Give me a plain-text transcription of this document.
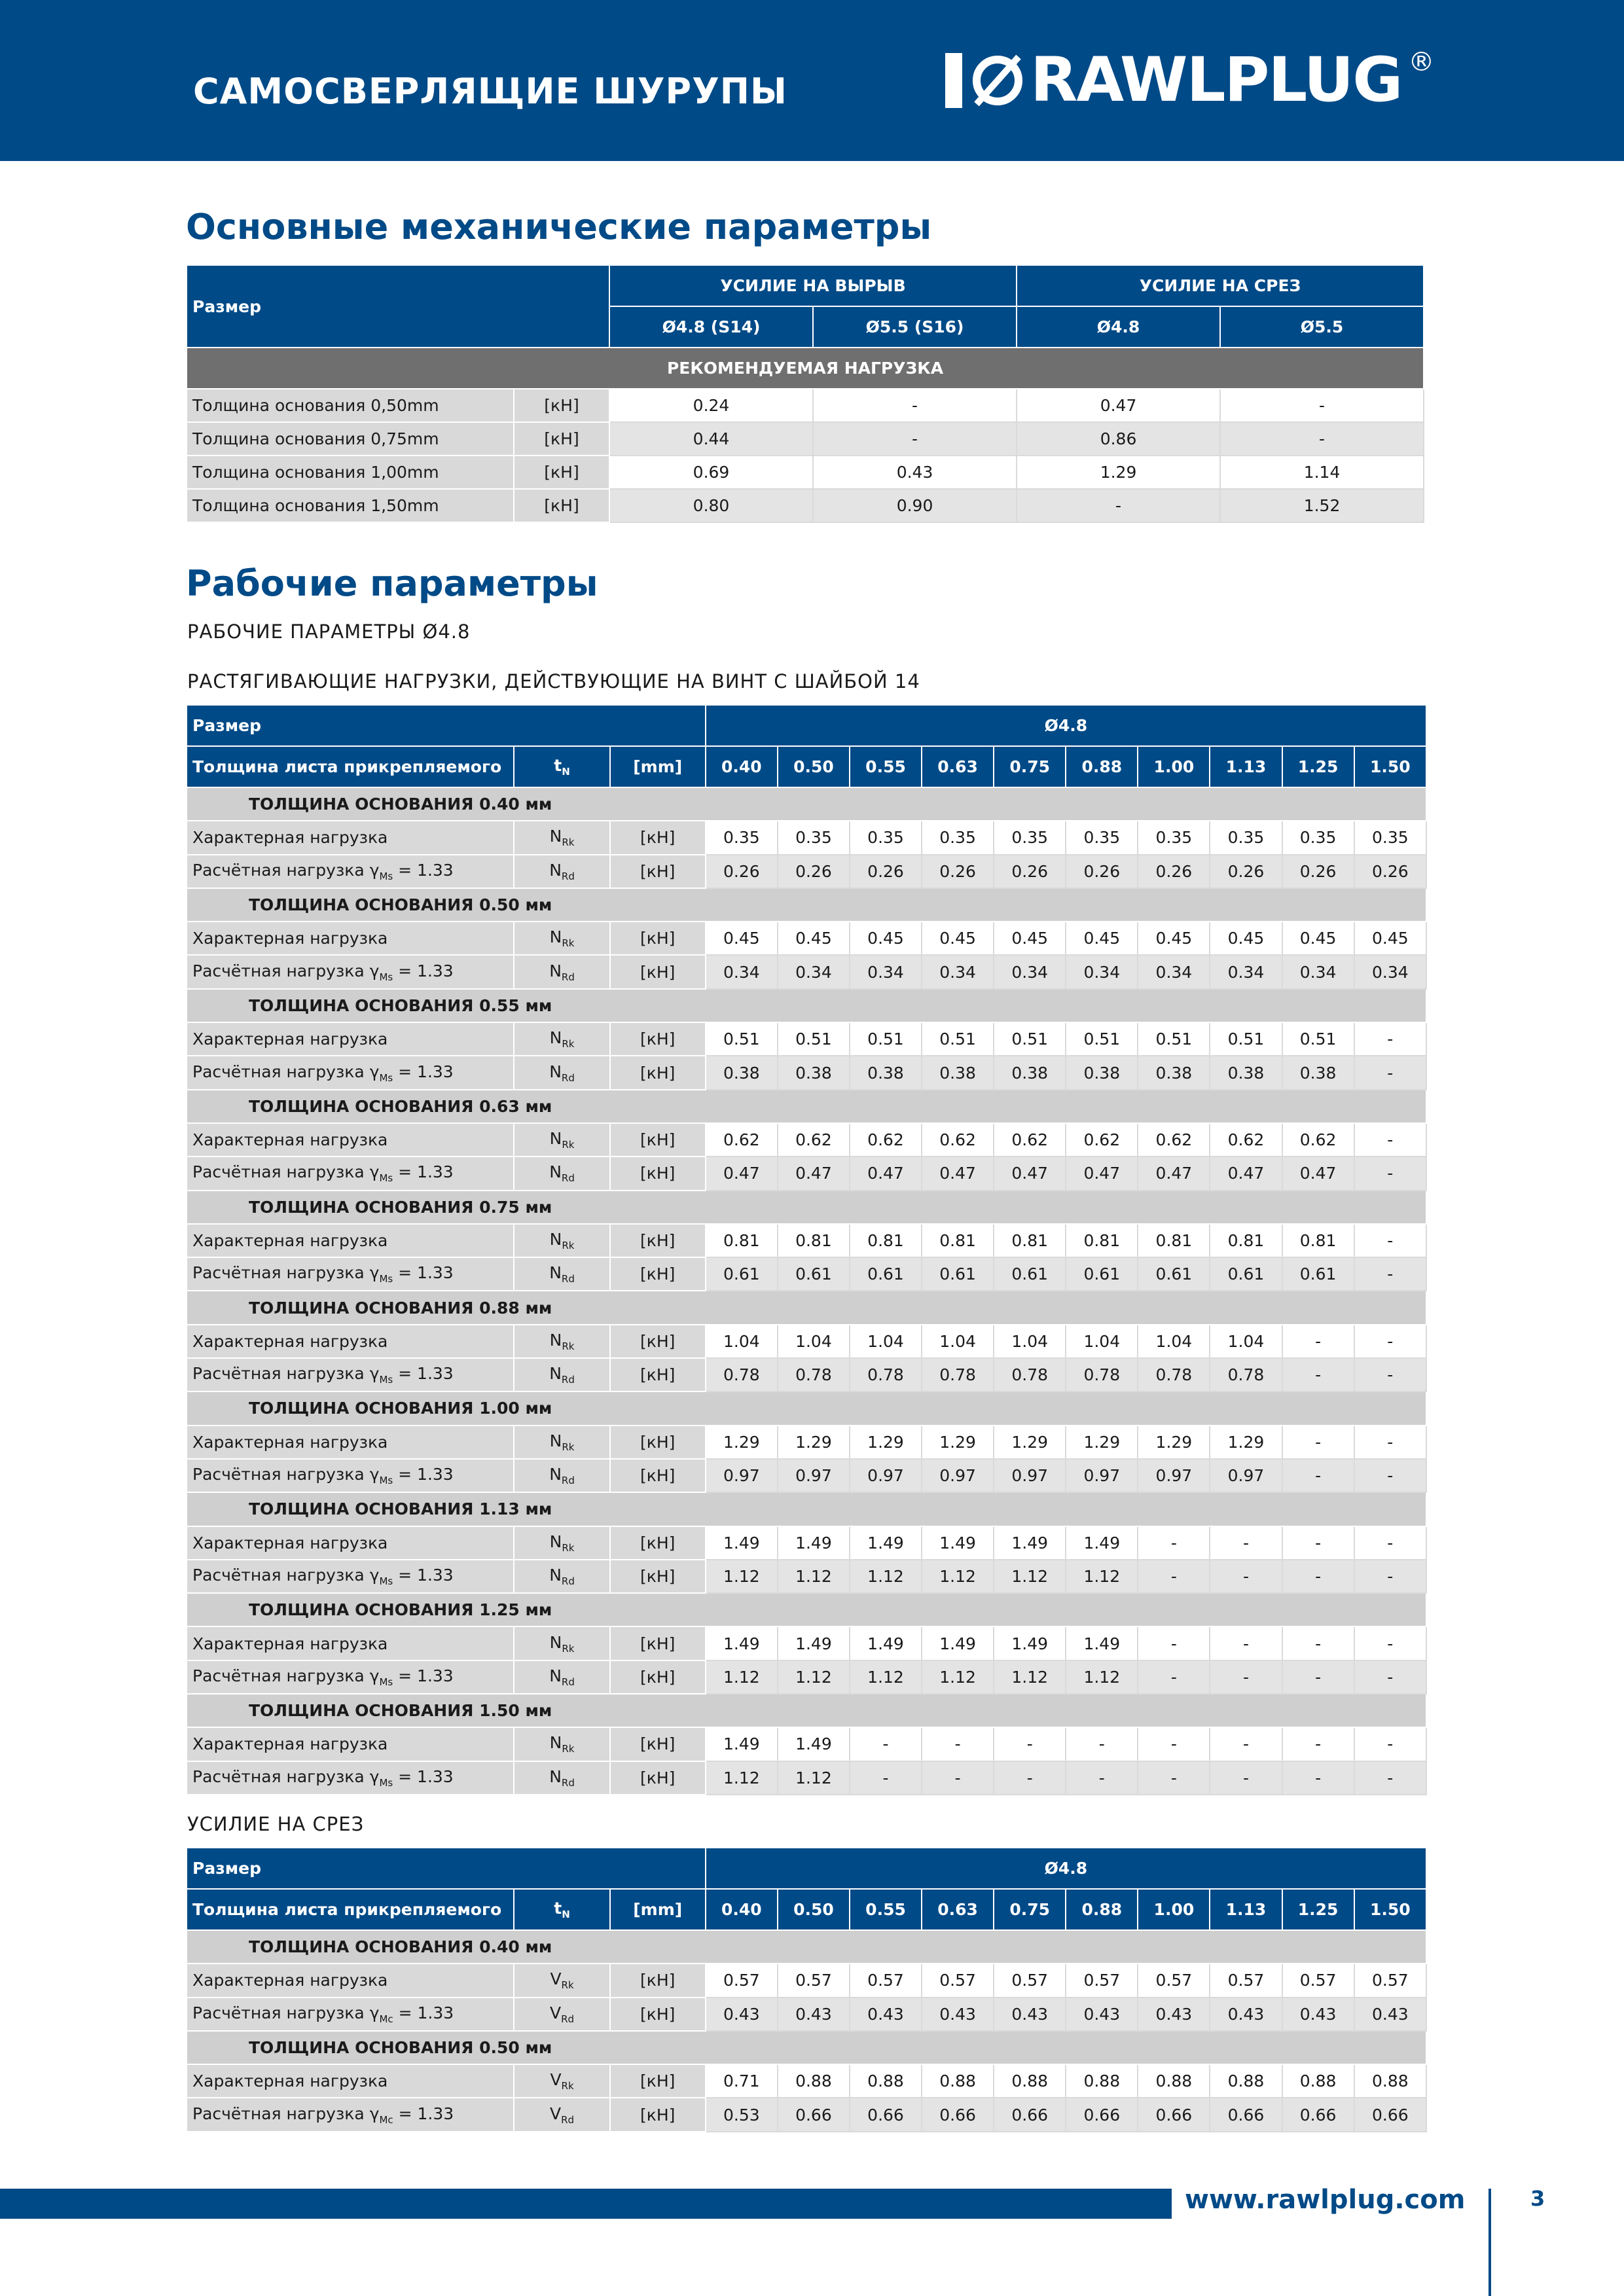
САМОСВЕРЛЯЩИЕ ШУРУПЫ	RAWLPLUG ®
Основные механические параметры
Размер		УСИЛИЕ НА ВЫРЫВ		УСИЛИЕ НА СРЕЗ	
		Ø4.8 (S14)	Ø5.5 (S16)	Ø4.8	Ø5.5
РЕКОМЕНДУЕМАЯ НАГРУЗКА					
Толщина основания 0,50mm	[кН]	0.24	-	0.47	-
Толщина основания 0,75mm	[кН]	0.44	-	0.86	-
Толщина основания 1,00mm	[кН]	0.69	0.43	1.29	1.14
Толщина основания 1,50mm	[кН]	0.80	0.90	-	1.52
Рабочие параметры
РАБОЧИЕ ПАРАМЕТРЫ Ø4.8
РАСТЯГИВАЮЩИЕ НАГРУЗКИ, ДЕЙСТВУЮЩИЕ НА ВИНТ С ШАЙБОЙ 14
Размер			Ø4.8									
Толщина листа прикрепляемого	$t_N$	[mm]	0.40	0.50	0.55	0.63	0.75	0.88	1.00	1.13	1.25	1.50
ТОЛЩИНА ОСНОВАНИЯ 0.40 мм												
Характерная нагрузка	$N_{Rk}$	[кН]	0.35	0.35	0.35	0.35	0.35	0.35	0.35	0.35	0.35	0.35
Расчётная нагрузка $\gamma_{Ms} = 1.33$	$N_{Rd}$	[кН]	0.26	0.26	0.26	0.26	0.26	0.26	0.26	0.26	0.26	0.26
ТОЛЩИНА ОСНОВАНИЯ 0.50 мм												
Характерная нагрузка	$N_{Rk}$	[кН]	0.45	0.45	0.45	0.45	0.45	0.45	0.45	0.45	0.45	0.45
Расчётная нагрузка $\gamma_{Ms} = 1.33$	$N_{Rd}$	[кН]	0.34	0.34	0.34	0.34	0.34	0.34	0.34	0.34	0.34	0.34
ТОЛЩИНА ОСНОВАНИЯ 0.55 мм												
Характерная нагрузка	$N_{Rk}$	[кН]	0.51	0.51	0.51	0.51	0.51	0.51	0.51	0.51	0.51	-
Расчётная нагрузка $\gamma_{Ms} = 1.33$	$N_{Rd}$	[кН]	0.38	0.38	0.38	0.38	0.38	0.38	0.38	0.38	0.38	-
ТОЛЩИНА ОСНОВАНИЯ 0.63 мм												
Характерная нагрузка	$N_{Rk}$	[кН]	0.62	0.62	0.62	0.62	0.62	0.62	0.62	0.62	0.62	-
Расчётная нагрузка $\gamma_{Ms} = 1.33$	$N_{Rd}$	[кН]	0.47	0.47	0.47	0.47	0.47	0.47	0.47	0.47	0.47	-
ТОЛЩИНА ОСНОВАНИЯ 0.75 мм												
Характерная нагрузка	$N_{Rk}$	[кН]	0.81	0.81	0.81	0.81	0.81	0.81	0.81	0.81	0.81	-
Расчётная нагрузка $\gamma_{Ms} = 1.33$	$N_{Rd}$	[кН]	0.61	0.61	0.61	0.61	0.61	0.61	0.61	0.61	0.61	-
ТОЛЩИНА ОСНОВАНИЯ 0.88 мм												
Характерная нагрузка	$N_{Rk}$	[кН]	1.04	1.04	1.04	1.04	1.04	1.04	1.04	1.04	-	-
Расчётная нагрузка $\gamma_{Ms} = 1.33$	$N_{Rd}$	[кН]	0.78	0.78	0.78	0.78	0.78	0.78	0.78	0.78	-	-
ТОЛЩИНА ОСНОВАНИЯ 1.00 мм												
Характерная нагрузка	$N_{Rk}$	[кН]	1.29	1.29	1.29	1.29	1.29	1.29	1.29	1.29	-	-
Расчётная нагрузка $\gamma_{Ms} = 1.33$	$N_{Rd}$	[кН]	0.97	0.97	0.97	0.97	0.97	0.97	0.97	0.97	-	-
ТОЛЩИНА ОСНОВАНИЯ 1.13 мм												
Характерная нагрузка	$N_{Rk}$	[кН]	1.49	1.49	1.49	1.49	1.49	1.49	-	-	-	-
Расчётная нагрузка $\gamma_{Ms} = 1.33$	$N_{Rd}$	[кН]	1.12	1.12	1.12	1.12	1.12	1.12	-	-	-	-
ТОЛЩИНА ОСНОВАНИЯ 1.25 мм												
Характерная нагрузка	$N_{Rk}$	[кН]	1.49	1.49	1.49	1.49	1.49	1.49	-	-	-	-
Расчётная нагрузка $\gamma_{Ms} = 1.33$	$N_{Rd}$	[кН]	1.12	1.12	1.12	1.12	1.12	1.12	-	-	-	-
ТОЛЩИНА ОСНОВАНИЯ 1.50 мм												
Характерная нагрузка	$N_{Rk}$	[кН]	1.49	1.49	-	-	-	-	-	-	-	-
Расчётная нагрузка $\gamma_{Ms} = 1.33$	$N_{Rd}$	[кН]	1.12	1.12	-	-	-	-	-	-	-	-
УСИЛИЕ НА СРЕЗ
Размер			Ø4.8									
Толщина листа прикрепляемого	$t_N$	[mm]	0.40	0.50	0.55	0.63	0.75	0.88	1.00	1.13	1.25	1.50
ТОЛЩИНА ОСНОВАНИЯ 0.40 мм												
Характерная нагрузка	$V_{Rk}$	[кН]	0.57	0.57	0.57	0.57	0.57	0.57	0.57	0.57	0.57	0.57
Расчётная нагрузка $\gamma_{Mc} = 1.33$	$V_{Rd}$	[кН]	0.43	0.43	0.43	0.43	0.43	0.43	0.43	0.43	0.43	0.43
ТОЛЩИНА ОСНОВАНИЯ 0.50 мм												
Характерная нагрузка	$V_{Rk}$	[кН]	0.71	0.88	0.88	0.88	0.88	0.88	0.88	0.88	0.88	0.88
Расчётная нагрузка $\gamma_{Mc} = 1.33$	$V_{Rd}$	[кН]	0.53	0.66	0.66	0.66	0.66	0.66	0.66	0.66	0.66	0.66
www.rawlplug.com	3
